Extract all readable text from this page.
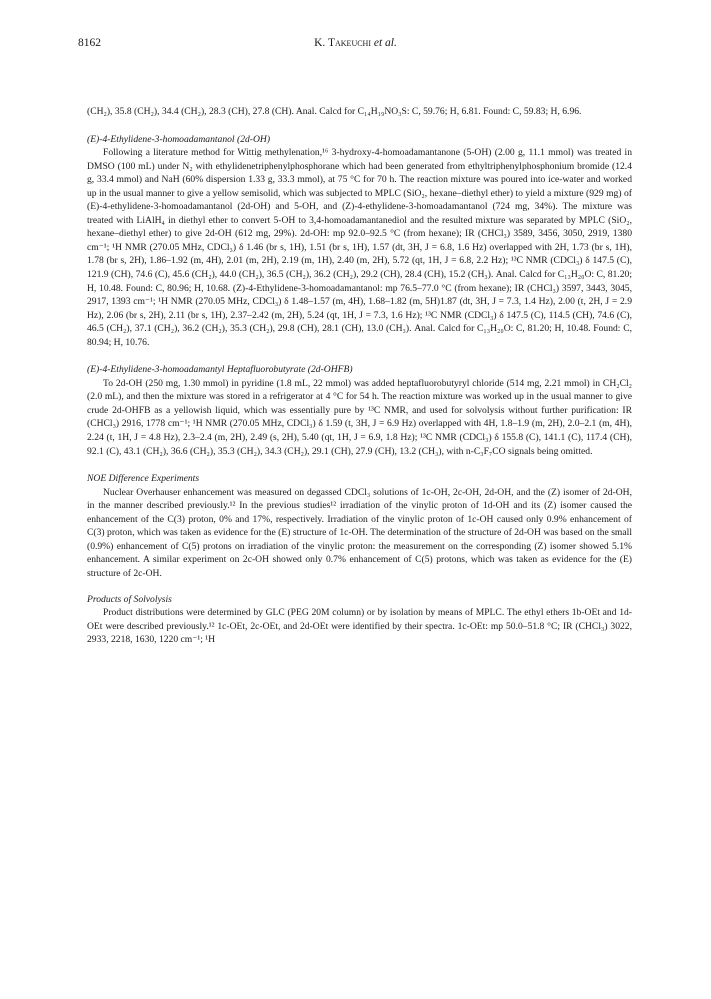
8162	K. Takeuchi et al.

(CH₂), 35.8 (CH₂), 34.4 (CH₂), 28.3 (CH), 27.8 (CH). Anal. Calcd for C₁₄H₁₉NO₃S: C, 59.76; H, 6.81. Found: C, 59.83; H, 6.96.

(E)-4-Ethylidene-3-homoadamantanol (2d-OH)

Following a literature method for Wittig methylenation,¹⁶ 3-hydroxy-4-homoadamantanone (5-OH) (2.00 g, 11.1 mmol) was treated in DMSO (100 mL) under N₂ with ethylidenetriphenylphosphorane which had been generated from ethyltriphenylphosphonium bromide (12.4 g, 33.4 mmol) and NaH (60% dispersion 1.33 g, 33.3 mmol), at 75 °C for 70 h. The reaction mixture was poured into ice-water and worked up in the usual manner to give a yellow semisolid, which was subjected to MPLC (SiO₂, hexane–diethyl ether) to yield a mixture (929 mg) of (E)-4-ethylidene-3-homoadamantanol (2d-OH) and 5-OH, and (Z)-4-ethylidene-3-homoadamantanol (724 mg, 34%). The mixture was treated with LiAlH₄ in diethyl ether to convert 5-OH to 3,4-homoadamantanediol and the resulted mixture was separated by MPLC (SiO₂, hexane–diethyl ether) to give 2d-OH (612 mg, 29%). 2d-OH: mp 92.0–92.5 °C (from hexane); IR (CHCl₃) 3589, 3456, 3050, 2919, 1380 cm⁻¹; ¹H NMR (270.05 MHz, CDCl₃) δ 1.46 (br s, 1H), 1.51 (br s, 1H), 1.57 (dt, 3H, J = 6.8, 1.6 Hz) overlapped with 2H, 1.73 (br s, 1H), 1.78 (br s, 2H), 1.86–1.92 (m, 4H), 2.01 (m, 2H), 2.19 (m, 1H), 2.40 (m, 2H), 5.72 (qt, 1H, J = 6.8, 2.2 Hz); ¹³C NMR (CDCl₃) δ 147.5 (C), 121.9 (CH), 74.6 (C), 45.6 (CH₂), 44.0 (CH₂), 36.5 (CH₂), 36.2 (CH₂), 29.2 (CH), 28.4 (CH), 15.2 (CH₃). Anal. Calcd for C₁₃H₂₀O: C, 81.20; H, 10.48. Found: C, 80.96; H, 10.68. (Z)-4-Ethylidene-3-homoadamantanol: mp 76.5–77.0 °C (from hexane); IR (CHCl₃) 3597, 3443, 3045, 2917, 1393 cm⁻¹; ¹H NMR (270.05 MHz, CDCl₃) δ 1.48–1.57 (m, 4H), 1.68–1.82 (m, 5H)1.87 (dt, 3H, J = 7.3, 1.4 Hz), 2.00 (t, 2H, J = 2.9 Hz), 2.06 (br s, 2H), 2.11 (br s, 1H), 2.37–2.42 (m, 2H), 5.24 (qt, 1H, J = 7.3, 1.6 Hz); ¹³C NMR (CDCl₃) δ 147.5 (C), 114.5 (CH), 74.6 (C), 46.5 (CH₂), 37.1 (CH₂), 36.2 (CH₂), 35.3 (CH₂), 29.8 (CH), 28.1 (CH), 13.0 (CH₃). Anal. Calcd for C₁₃H₂₀O: C, 81.20; H, 10.48. Found: C, 80.94; H, 10.76.

(E)-4-Ethylidene-3-homoadamantyl Heptafluorobutyrate (2d-OHFB)

To 2d-OH (250 mg, 1.30 mmol) in pyridine (1.8 mL, 22 mmol) was added heptafluorobutyryl chloride (514 mg, 2.21 mmol) in CH₂Cl₂ (2.0 mL), and then the mixture was stored in a refrigerator at 4 °C for 54 h. The reaction mixture was worked up in the usual manner to give crude 2d-OHFB as a yellowish liquid, which was essentially pure by ¹³C NMR, and used for solvolysis without further purification: IR (CHCl₃) 2916, 1778 cm⁻¹; ¹H NMR (270.05 MHz, CDCl₃) δ 1.59 (t, 3H, J = 6.9 Hz) overlapped with 4H, 1.8–1.9 (m, 2H), 2.0–2.1 (m, 4H), 2.24 (t, 1H, J = 4.8 Hz), 2.3–2.4 (m, 2H), 2.49 (s, 2H), 5.40 (qt, 1H, J = 6.9, 1.8 Hz); ¹³C NMR (CDCl₃) δ 155.8 (C), 141.1 (C), 117.4 (CH), 92.1 (C), 43.1 (CH₂), 36.6 (CH₂), 35.3 (CH₂), 34.3 (CH₂), 29.1 (CH), 27.9 (CH), 13.2 (CH₃), with n-C₃F₇CO signals being omitted.

NOE Difference Experiments

Nuclear Overhauser enhancement was measured on degassed CDCl₃ solutions of 1c-OH, 2c-OH, 2d-OH, and the (Z) isomer of 2d-OH, in the manner described previously.¹² In the previous studies¹² irradiation of the vinylic proton of 1d-OH and its (Z) isomer caused the enhancement of the C(3) proton, 0% and 17%, respectively. Irradiation of the vinylic proton of 1c-OH caused only 0.9% enhancement of C(3) proton, which was taken as evidence for the (E) structure of 1c-OH. The determination of the structure of 2d-OH was based on the small (0.9%) enhancement of C(5) protons on irradiation of the vinylic proton: the measurement on the corresponding (Z) isomer showed 5.1% enhancement. A similar experiment on 2c-OH showed only 0.7% enhancement of C(5) protons, which was taken as evidence for the (E) structure of 2c-OH.

Products of Solvolysis

Product distributions were determined by GLC (PEG 20M column) or by isolation by means of MPLC. The ethyl ethers 1b-OEt and 1d-OEt were described previously.¹² 1c-OEt, 2c-OEt, and 2d-OEt were identified by their spectra. 1c-OEt: mp 50.0–51.8 °C; IR (CHCl₃) 3022, 2933, 2218, 1630, 1220 cm⁻¹; ¹H
